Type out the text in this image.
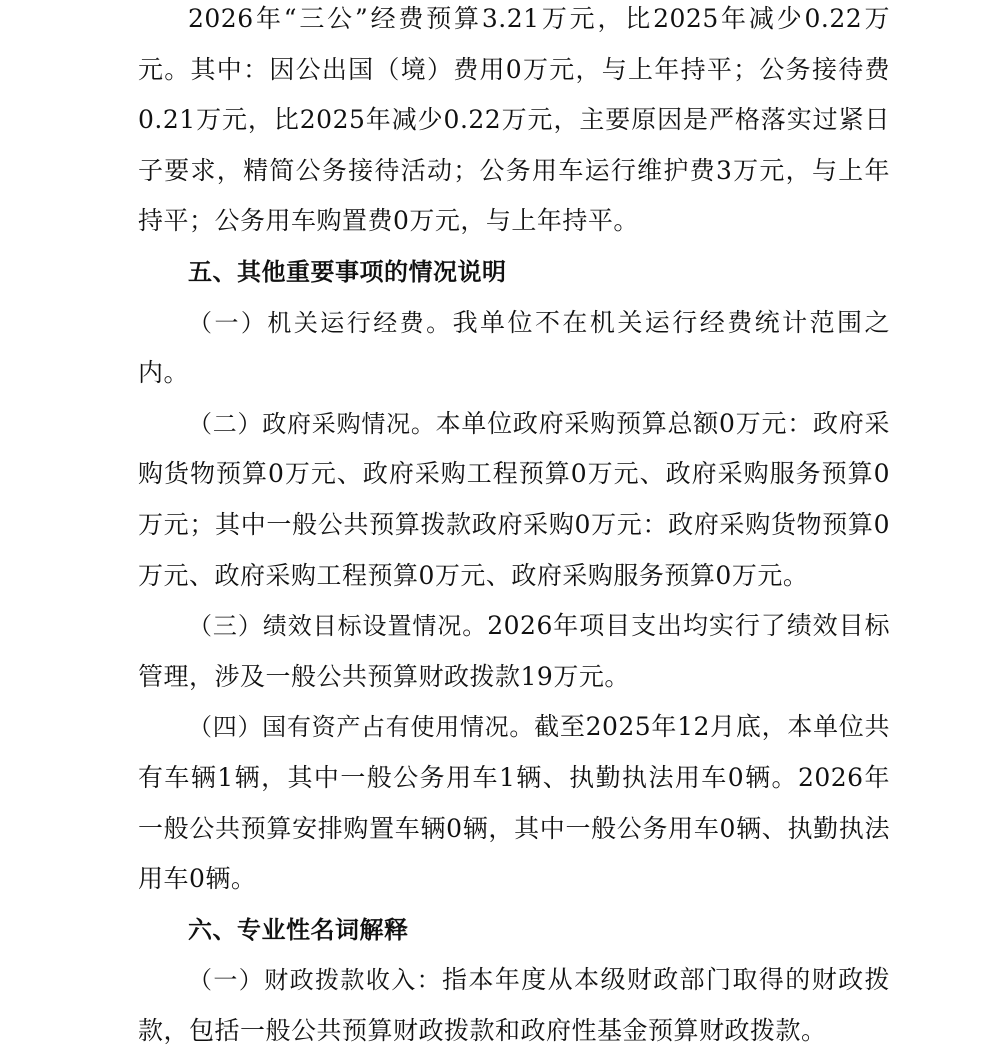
2026年“三公”经费预算3.21万元，比2025年减少0.22万元。其中：因公出国（境）费用0万元，与上年持平；公务接待费0.21万元，比2025年减少0.22万元，主要原因是严格落实过紧日子要求，精简公务接待活动；公务用车运行维护费3万元，与上年持平；公务用车购置费0万元，与上年持平。

五、其他重要事项的情况说明

（一）机关运行经费。我单位不在机关运行经费统计范围之内。

（二）政府采购情况。本单位政府采购预算总额0万元：政府采购货物预算0万元、政府采购工程预算0万元、政府采购服务预算0万元；其中一般公共预算拨款政府采购0万元：政府采购货物预算0万元、政府采购工程预算0万元、政府采购服务预算0万元。

（三）绩效目标设置情况。2026年项目支出均实行了绩效目标管理，涉及一般公共预算财政拨款19万元。

（四）国有资产占有使用情况。截至2025年12月底，本单位共有车辆1辆，其中一般公务用车1辆、执勤执法用车0辆。2026年一般公共预算安排购置车辆0辆，其中一般公务用车0辆、执勤执法用车0辆。

六、专业性名词解释

（一）财政拨款收入：指本年度从本级财政部门取得的财政拨款，包括一般公共预算财政拨款和政府性基金预算财政拨款。
